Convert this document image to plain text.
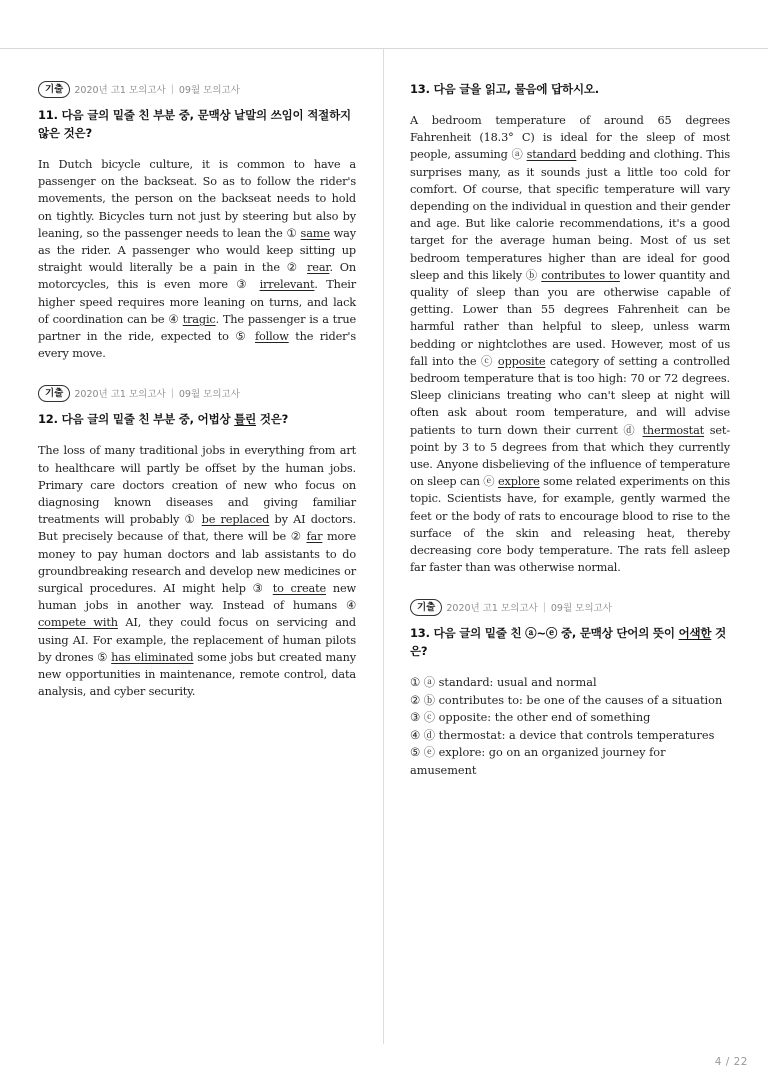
기출	2020년 고1 모의고사 | 09월 모의고사
11. 다음 글의 밑줄 친 부분 중, 문맥상 낱말의 쓰임이 적절하지 않은 것은?

In Dutch bicycle culture, it is common to have a passenger on the backseat. So as to follow the rider's movements, the person on the backseat needs to hold on tightly. Bicycles turn not just by steering but also by leaning, so the passenger needs to lean the ① same way as the rider. A passenger who would keep sitting up straight would literally be a pain in the ② rear. On motorcycles, this is even more ③ irrelevant. Their higher speed requires more leaning on turns, and lack of coordination can be ④ tragic. The passenger is a true partner in the ride, expected to ⑤ follow the rider's every move.

기출	2020년 고1 모의고사 | 09월 모의고사
12. 다음 글의 밑줄 친 부분 중, 어법상 틀린 것은?

The loss of many traditional jobs in everything from art to healthcare will partly be offset by the human jobs. Primary care doctors creation of new who focus on diagnosing known diseases and giving familiar treatments will probably ① be replaced by AI doctors. But precisely because of that, there will be ② far more money to pay human doctors and lab assistants to do groundbreaking research and develop new medicines or surgical procedures. AI might help ③ to create new human jobs in another way. Instead of humans ④ compete with AI, they could focus on servicing and using AI. For example, the replacement of human pilots by drones ⑤ has eliminated some jobs but created many new opportunities in maintenance, remote control, data analysis, and cyber security.

13. 다음 글을 읽고, 물음에 답하시오.

A bedroom temperature of around 65 degrees Fahrenheit (18.3° C) is ideal for the sleep of most people, assuming ⓐ standard bedding and clothing. This surprises many, as it sounds just a little too cold for comfort. Of course, that specific temperature will vary depending on the individual in question and their gender and age. But like calorie recommendations, it's a good target for the average human being. Most of us set bedroom temperatures higher than are ideal for good sleep and this likely ⓑ contributes to lower quantity and quality of sleep than you are otherwise capable of getting. Lower than 55 degrees Fahrenheit can be harmful rather than helpful to sleep, unless warm bedding or nightclothes are used. However, most of us fall into the ⓒ opposite category of setting a controlled bedroom temperature that is too high: 70 or 72 degrees. Sleep clinicians treating who can't sleep at night will often ask about room temperature, and will advise patients to turn down their current ⓓ thermostat set-point by 3 to 5 degrees from that which they currently use. Anyone disbelieving of the influence of temperature on sleep can ⓔ explore some related experiments on this topic. Scientists have, for example, gently warmed the feet or the body of rats to encourage blood to rise to the surface of the skin and releasing heat, thereby decreasing core body temperature. The rats fell asleep far faster than was otherwise normal.

기출	2020년 고1 모의고사 | 09월 모의고사
13. 다음 글의 밑줄 친 ⓐ~ⓔ 중, 문맥상 단어의 뜻이 어색한 것은?
① ⓐ standard: usual and normal
② ⓑ contributes to: be one of the causes of a situation
③ ⓒ opposite: the other end of something
④ ⓓ thermostat: a device that controls temperatures
⑤ ⓔ explore: go on an organized journey for amusement
4 / 22
